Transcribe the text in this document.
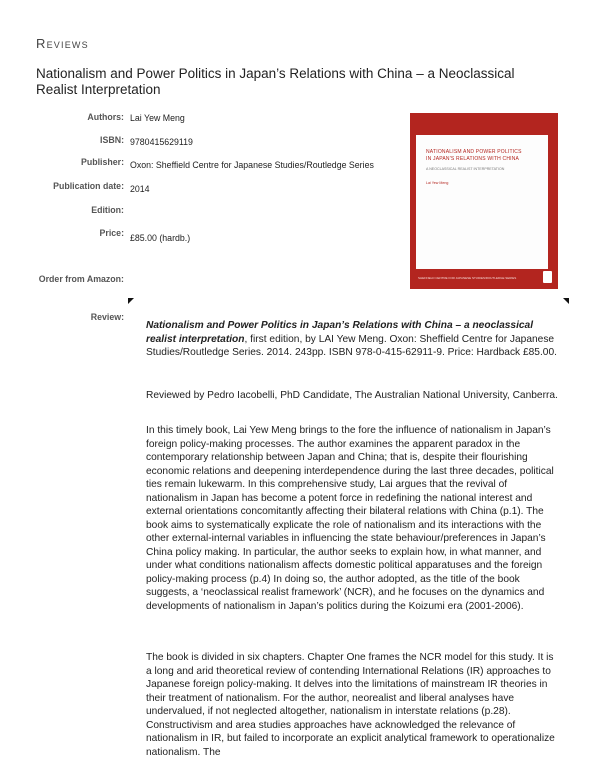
Reviews
Nationalism and Power Politics in Japan’s Relations with China – a Neoclassical Realist Interpretation
Authors: Lai Yew Meng
ISBN: 9780415629119
Publisher: Oxon: Sheffield Centre for Japanese Studies/Routledge Series
Publication date: 2014
Edition:
Price: £85.00 (hardb.)
Order from Amazon:
NATIONALISM AND POWER POLITICS
IN JAPAN'S RELATIONS WITH CHINA
A NEOCLASSICAL REALIST INTERPRETATION
Lai Yew Meng
SHEFFIELD CENTRE FOR JAPANESE STUDIES/ROUTLEDGE SERIES
Review:
Nationalism and Power Politics in Japan’s Relations with China – a neoclassical realist interpretation, first edition, by LAI Yew Meng. Oxon: Sheffield Centre for Japanese Studies/Routledge Series. 2014. 243pp. ISBN 978-0-415-62911-9. Price: Hardback £85.00.
Reviewed by Pedro Iacobelli, PhD Candidate, The Australian National University, Canberra.
In this timely book, Lai Yew Meng brings to the fore the influence of nationalism in Japan’s foreign policy-making processes. The author examines the apparent paradox in the contemporary relationship between Japan and China; that is, despite their flourishing economic relations and deepening interdependence during the last three decades, political ties remain lukewarm. In this comprehensive study, Lai argues that the revival of nationalism in Japan has become a potent force in redefining the national interest and external orientations concomitantly affecting their bilateral relations with China (p.1). The book aims to systematically explicate the role of nationalism and its interactions with the other external-internal variables in influencing the state behaviour/preferences in Japan’s China policy making. In particular, the author seeks to explain how, in what manner, and under what conditions nationalism affects domestic political apparatuses and the foreign policy-making process (p.4) In doing so, the author adopted, as the title of the book suggests, a ‘neoclassical realist framework’ (NCR), and he focuses on the dynamics and developments of nationalism in Japan’s politics during the Koizumi era (2001-2006).
The book is divided in six chapters. Chapter One frames the NCR model for this study. It is a long and arid theoretical review of contending International Relations (IR) approaches to Japanese foreign policy-making. It delves into the limitations of mainstream IR theories in their treatment of nationalism. For the author, neorealist and liberal analyses have undervalued, if not neglected altogether, nationalism in interstate relations (p.28). Constructivism and area studies approaches have acknowledged the relevance of nationalism in IR, but failed to incorporate an explicit analytical framework to operationalize nationalism. The
